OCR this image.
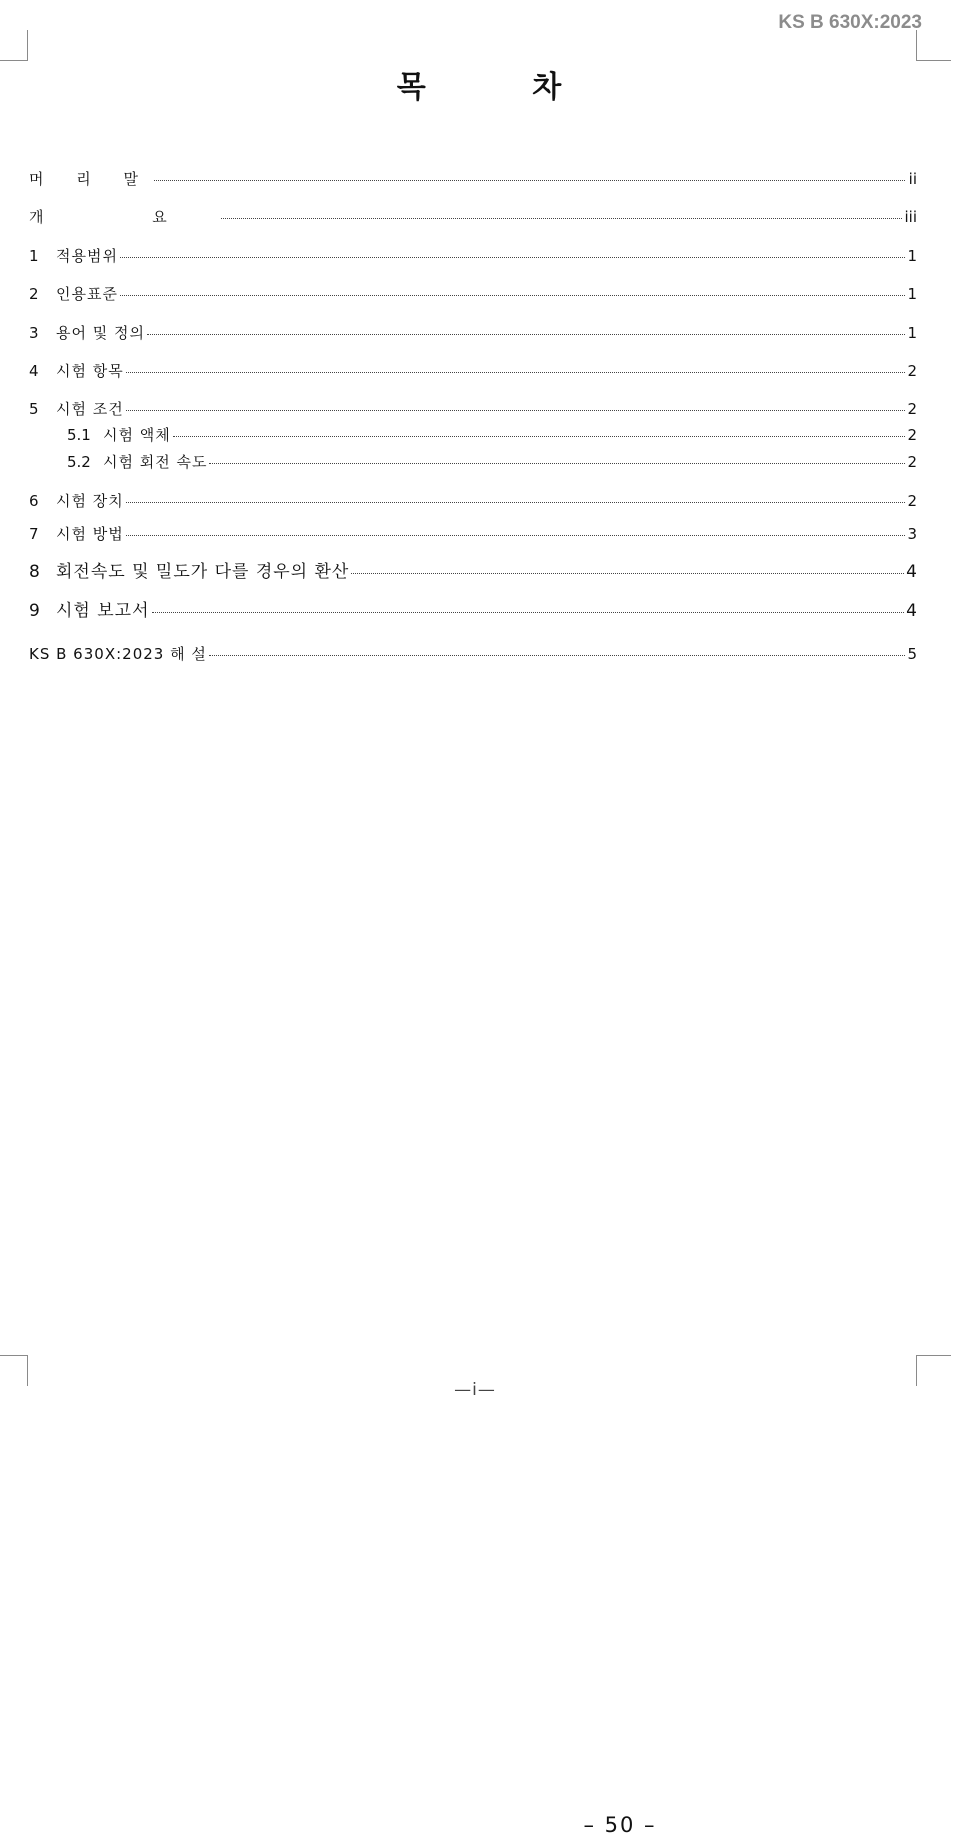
KS B 630X:2023
목 차
머 리 말	ii
개 요	iii
1	적용범위	1
2	인용표준	1
3	용어 및 정의	1
4	시험 항목	2
5	시험 조건	2
5.1 시험 액체	2
5.2 시험 회전 속도	2
6	시험 장치	2
7	시험 방법	3
8 회전속도 및 밀도가 다를 경우의 환산	4
9 시험 보고서	4
KS B 630X:2023 해 설	5
—i—
– 50 –
